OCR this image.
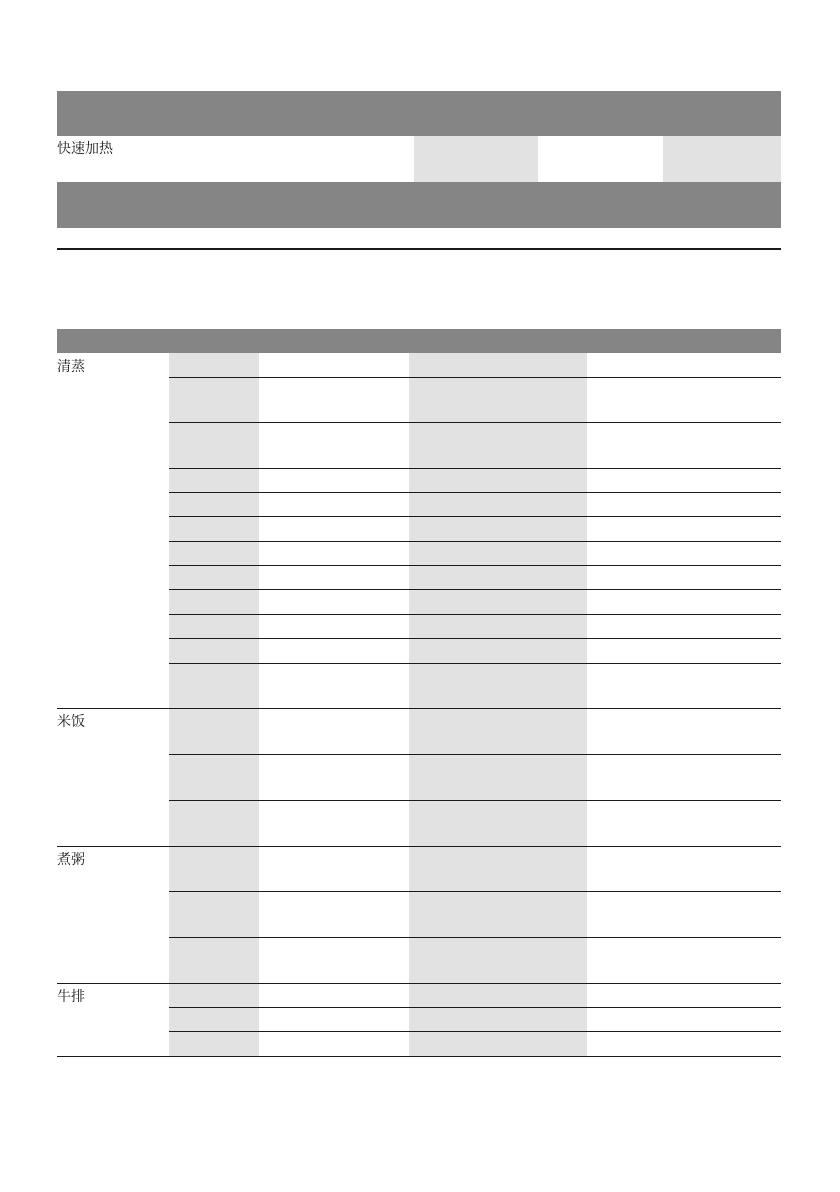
快速加热
清蒸
米饭
煮粥
牛排
